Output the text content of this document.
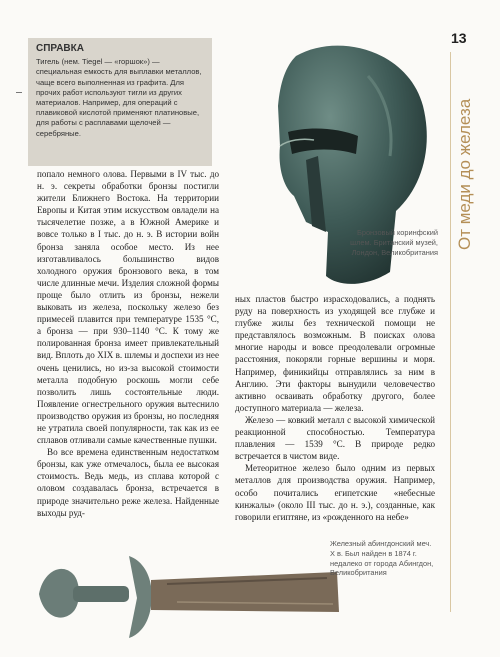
13
От меди до железа
СПРАВКА
Тигель (нем. Tiegel — «горшок») — специальная емкость для выплавки металлов, чаще всего выполненная из графита. Для прочих работ используют тигли из других материалов. Например, для операций с плавиковой кислотой применяют платиновые, для работы с расплавами щелочей — серебряные.

попало немного олова. Первыми в IV тыс. до н. э. секреты обработки бронзы постигли жители Ближнего Востока. На территории Европы и Китая этим искусством овладели на тысячелетие позже, а в Южной Америке и вовсе только в I тыс. до н. э. В истории войн бронза заняла особое место. Из нее изготавливалось большинство видов холодного оружия бронзового века, в том числе длинные мечи. Изделия сложной формы проще было отлить из бронзы, нежели выковать из железа, поскольку железо без примесей плавится при температуре 1535 °С, а бронза — при 930–1140 °С. К тому же полированная бронза имеет привлекательный вид. Вплоть до XIX в. шлемы и доспехи из нее очень ценились, но из-за высокой стоимости металла подобную роскошь могли себе позволить лишь состоятельные люди. Появление огнестрельного оружия вытеснило производство оружия из бронзы, но последняя не утратила своей популярности, так как из ее сплавов отливали самые качественные пушки.

Во все времена единственным недостатком бронзы, как уже отмечалось, была ее высокая стоимость. Ведь медь, из сплава которой с оловом создавалась бронза, встречается в природе значительно реже железа. Найденные выходы руд-

Бронзовый коринфский шлем. Британский музей, Лондон, Великобритания

ных пластов быстро израсходовались, а поднять руду на поверхность из уходящей все глубже и глубже жилы без технической помощи не представлялось возможным. В поисках олова многие народы и вовсе преодолевали огромные расстояния, покоряли горные вершины и моря. Например, финикийцы отправлялись за ним в Англию. Эти факторы вынудили человечество активно осваивать обработку другого, более доступного материала — железа.

Железо — ковкий металл с высокой химической реакционной способностью. Температура плавления — 1539 °С. В природе редко встречается в чистом виде.

Метеоритное железо было одним из первых металлов для производства оружия. Например, особо почитались египетские «небесные кинжалы» (около III тыс. до н. э.), созданные, как говорили египтяне, из «рожденного на небе»

Железный абингдонский меч. X в. Был найден в 1874 г. недалеко от города Абингдон, Великобритания
